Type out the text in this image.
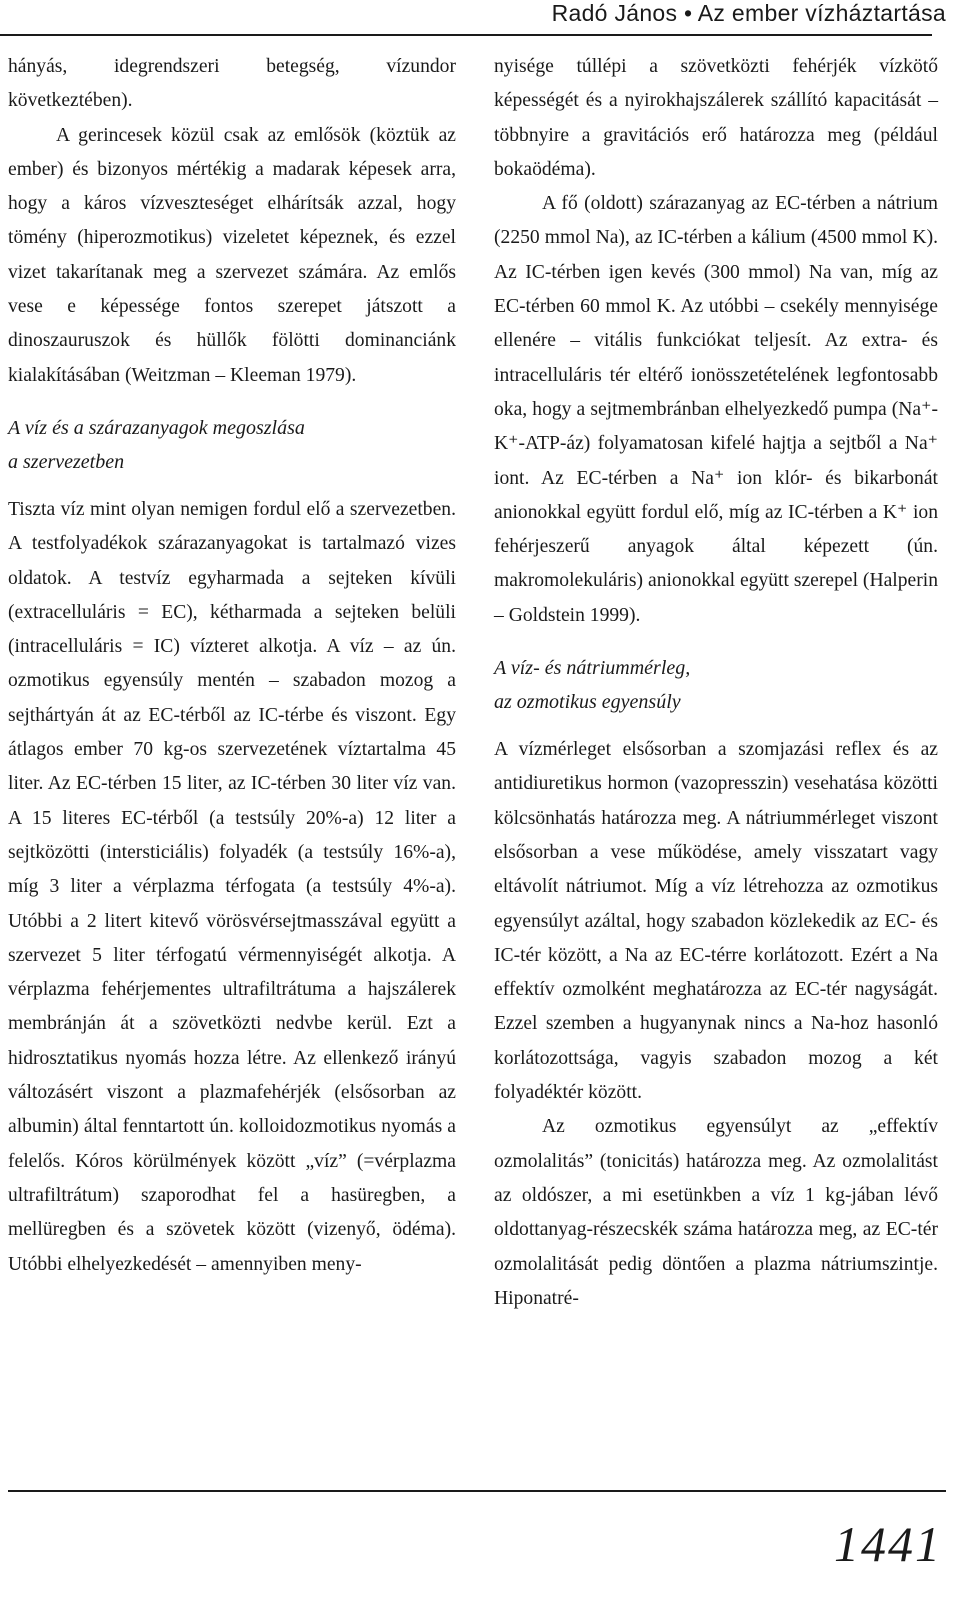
Radó János • Az ember vízháztartása

hányás, idegrendszeri betegség, vízundor következtében).

A gerincesek közül csak az emlősök (köztük az ember) és bizonyos mértékig a madarak képesek arra, hogy a káros vízveszteséget elhárítsák azzal, hogy tömény (hiperozmotikus) vizeletet képeznek, és ezzel vizet takarítanak meg a szervezet számára. Az emlős vese e képessége fontos szerepet játszott a dinoszauruszok és hüllők fölötti dominanciánk kialakításában (Weitzman – Kleeman 1979).

A víz és a szárazanyagok megoszlása
a szervezetben

Tiszta víz mint olyan nemigen fordul elő a szervezetben. A testfolyadékok szárazanyagokat is tartalmazó vizes oldatok. A testvíz egyharmada a sejteken kívüli (extracelluláris = EC), kétharmada a sejteken belüli (intracelluláris = IC) vízteret alkotja. A víz – az ún. ozmotikus egyensúly mentén – szabadon mozog a sejthártyán át az EC-térből az IC-térbe és viszont. Egy átlagos ember 70 kg-os szervezetének víztartalma 45 liter. Az EC-térben 15 liter, az IC-térben 30 liter víz van. A 15 literes EC-térből (a testsúly 20%-a) 12 liter a sejtközötti (intersticiális) folyadék (a testsúly 16%-a), míg 3 liter a vérplazma térfogata (a testsúly 4%-a). Utóbbi a 2 litert kitevő vörösvérsejtmasszával együtt a szervezet 5 liter térfogatú vérmennyiségét alkotja. A vérplazma fehérjementes ultrafiltrátuma a hajszálerek membránján át a szövetközti nedvbe kerül. Ezt a hidrosztatikus nyomás hozza létre. Az ellenkező irányú változásért viszont a plazmafehérjék (elsősorban az albumin) által fenntartott ún. kolloidozmotikus nyomás a felelős. Kóros körülmények között „víz” (=vérplazma ultrafiltrátum) szaporodhat fel a hasüregben, a mellüregben és a szövetek között (vizenyő, ödéma). Utóbbi elhelyezkedését – amennyiben meny-

nyisége túllépi a szövetközti fehérjék vízkötő képességét és a nyirokhajszálerek szállító kapacitását – többnyire a gravitációs erő határozza meg (például bokaödéma).

A fő (oldott) szárazanyag az EC-térben a nátrium (2250 mmol Na), az IC-térben a kálium (4500 mmol K). Az IC-térben igen kevés (300 mmol) Na van, míg az EC-térben 60 mmol K. Az utóbbi – csekély mennyisége ellenére – vitális funkciókat teljesít. Az extra- és intracelluláris tér eltérő ionösszetételének legfontosabb oka, hogy a sejtmembránban elhelyezkedő pumpa (Na⁺-K⁺-ATP-áz) folyamatosan kifelé hajtja a sejtből a Na⁺ iont. Az EC-térben a Na⁺ ion klór- és bikarbonát anionokkal együtt fordul elő, míg az IC-térben a K⁺ ion fehérjeszerű anyagok által képezett (ún. makromolekuláris) anionokkal együtt szerepel (Halperin – Goldstein 1999).

A víz- és nátriummérleg,
az ozmotikus egyensúly

A vízmérleget elsősorban a szomjazási reflex és az antidiuretikus hormon (vazopresszin) vesehatása közötti kölcsönhatás határozza meg. A nátriummérleget viszont elsősorban a vese működése, amely visszatart vagy eltávolít nátriumot. Míg a víz létrehozza az ozmotikus egyensúlyt azáltal, hogy szabadon közlekedik az EC- és IC-tér között, a Na az EC-térre korlátozott. Ezért a Na effektív ozmolként meghatározza az EC-tér nagyságát. Ezzel szemben a hugyanynak nincs a Na-hoz hasonló korlátozottsága, vagyis szabadon mozog a két folyadéktér között.

Az ozmotikus egyensúlyt az „effektív ozmolalitás” (tonicitás) határozza meg. Az ozmolalitást az oldószer, a mi esetünkben a víz 1 kg-jában lévő oldottanyag-részecskék száma határozza meg, az EC-tér ozmolalitását pedig döntően a plazma nátriumszintje. Hiponatré-

1441
